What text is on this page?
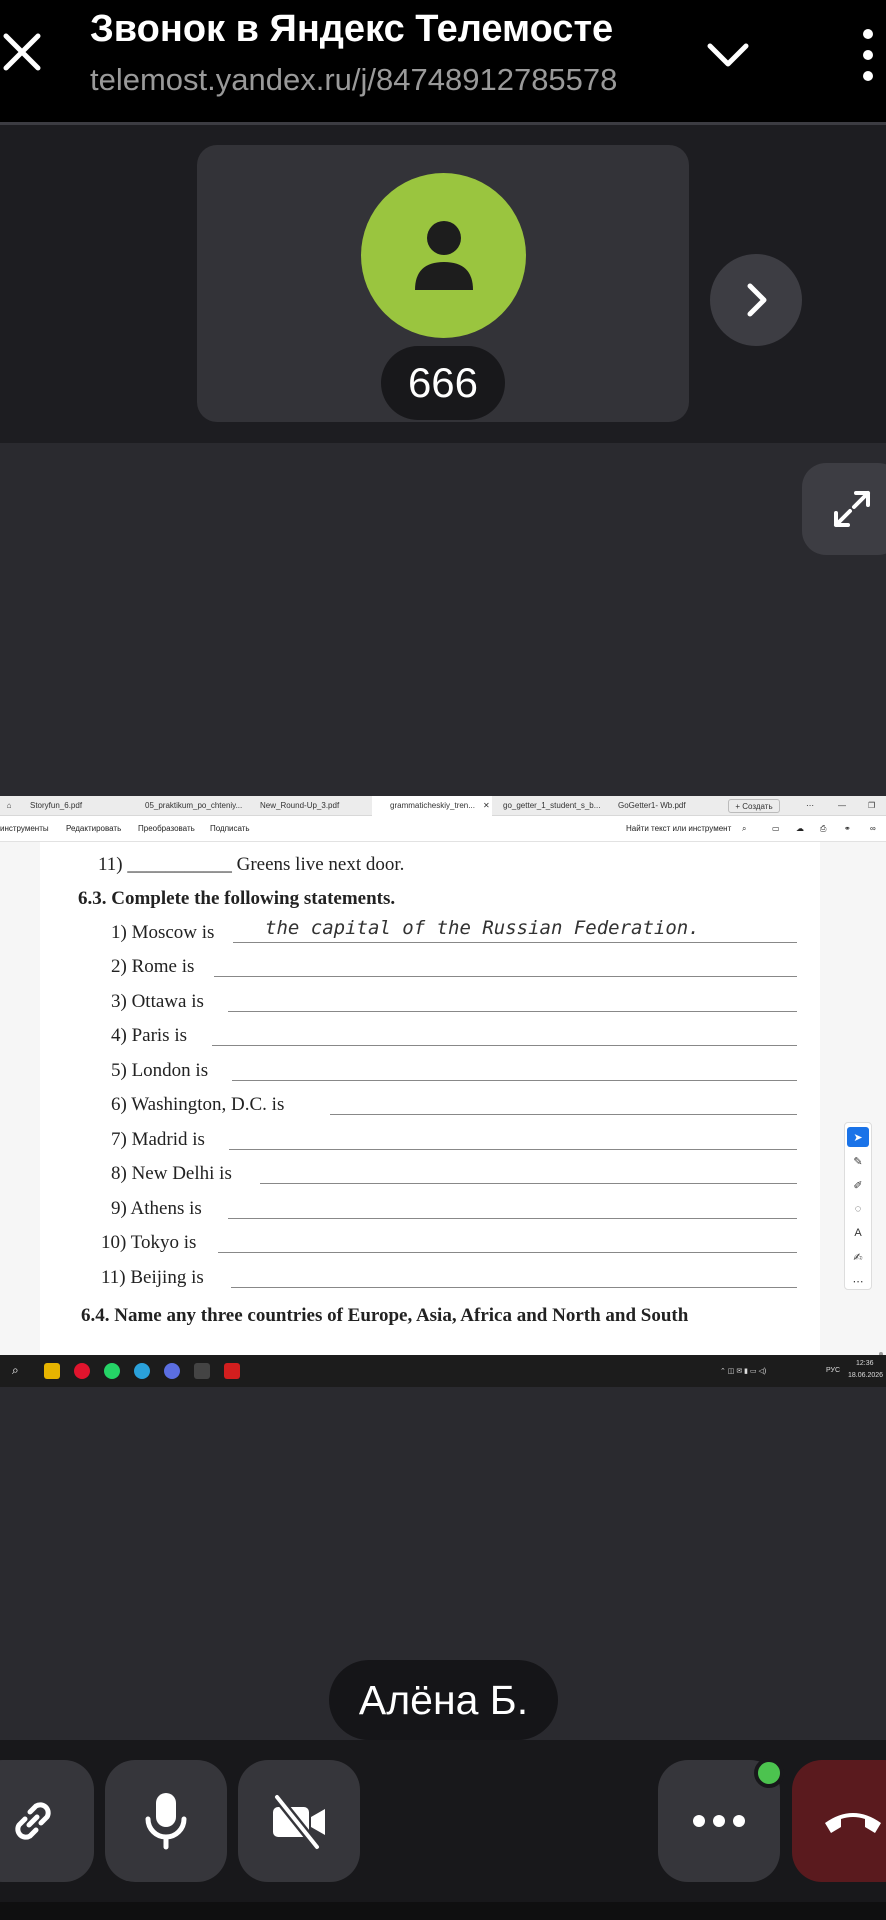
Звонок в Яндекс Телемосте
telemost.yandex.ru/j/84748912785578
666
⌂	Storyfun_6.pdf	05_praktikum_po_chteniy...	New_Round-Up_3.pdf	grammaticheskiy_tren...	✕	go_getter_1_student_s_b...	GoGetter1- Wb.pdf	+ Создать	⋯	—	❐
инструменты Редактировать Преобразовать Подписать	Найти текст или инструмент ⌕	▭ ☁ ⎙ ⚭ ∞
11) ___________ Greens live next door.
6.3. Complete the following statements.
1) Moscow is	the capital of the Russian Federation.
2) Rome is
3) Ottawa is
4) Paris is
5) London is
6) Washington, D.C. is
7) Madrid is
8) New Delhi is
9) Athens is
10) Tokyo is
11) Beijing is
6.4. Name any three countries of Europe, Asia, Africa and North and South
➤
✎
✐
◌
A
✍
⋯
⌕	⌃ ◫ ✉ ▮ ▭ ◁)	РУС
12:36
18.06.2026
Алёна Б.
